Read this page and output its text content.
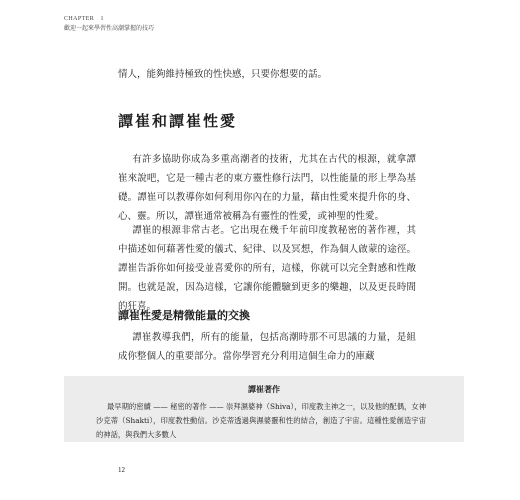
CHAPTER　1
歡迎一起來學習性高潮掌握的技巧

情人，能夠維持極致的性快感，只要你想要的話。

譚崔和譚崔性愛

有許多協助你成為多重高潮者的技術，尤其在古代的根源，就拿譚崔來說吧，它是一種古老的東方靈性修行法門，以性能量的形上學為基礎。譚崔可以教導你如何利用你內在的力量，藉由性愛來提升你的身、心、靈。所以，譚崔通常被稱為有靈性的性愛，或神聖的性愛。

譚崔的根源非常古老。它出現在幾千年前印度教秘密的著作裡，其中描述如何藉著性愛的儀式、紀律、以及冥想，作為個人啟蒙的途徑。譚崔告訴你如何接受並喜愛你的所有，這樣，你就可以完全對感和性敞開。也就是說，因為這樣，它讓你能體驗到更多的樂趣，以及更長時間的狂喜。

譚崔性愛是精微能量的交換

譚崔教導我們，所有的能量，包括高潮時那不可思議的力量，是組成你整個人的重要部分。當你學習充分利用這個生命力的庫藏

譚崔著作

最早期的密續 —— 秘密的著作 —— 崇拜濕婆神（Shiva），印度教主神之一，以及他的配偶，女神沙克蒂（Shakti），印度教性動信。沙克蒂透過與濕婆靈和性的結合，創造了宇宙。這種性愛創造宇宙的神話，與我們大多數人

12
